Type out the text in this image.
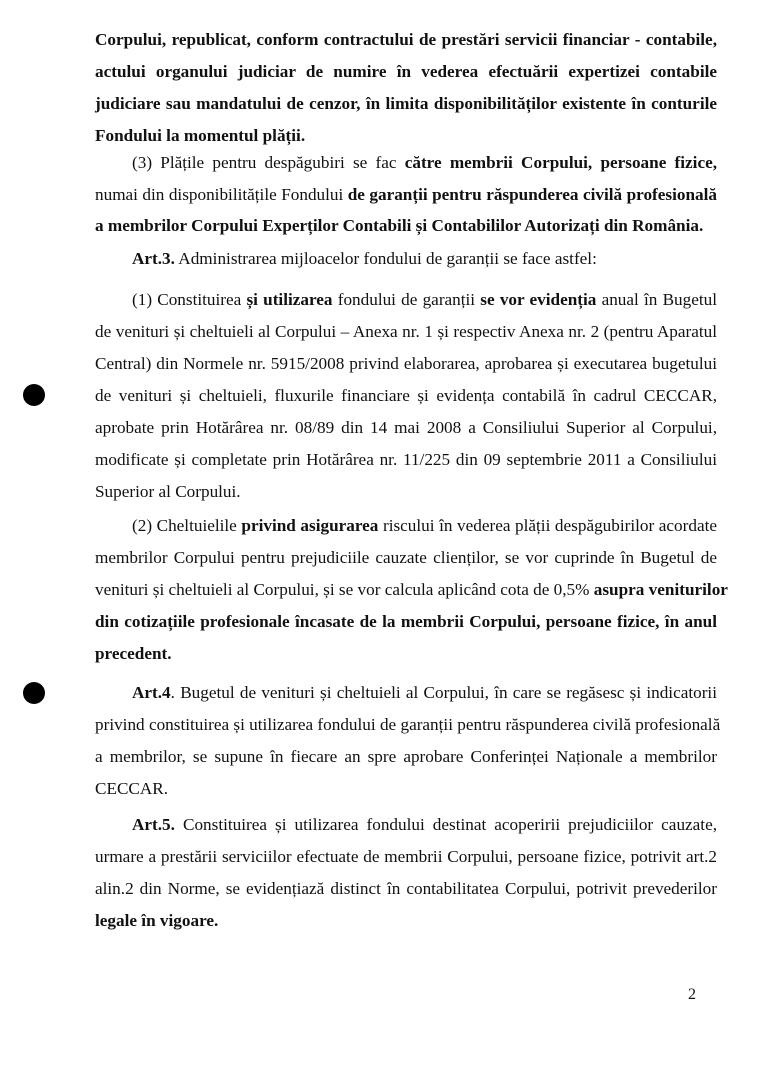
Corpului, republicat, conform contractului de prestări servicii financiar - contabile,
actului organului judiciar de numire în vederea efectuării expertizei contabile
judiciare sau mandatului de cenzor, în limita disponibilităților existente în conturile
Fondului la momentul plății.
(3) Plățile pentru despăgubiri se fac către membrii Corpului, persoane fizice,
numai din disponibilitățile Fondului de garanții pentru răspunderea civilă profesională
a membrilor Corpului Experților Contabili și Contabililor Autorizați din România.
Art.3. Administrarea mijloacelor fondului de garanții se face astfel:
(1) Constituirea și utilizarea fondului de garanții se vor evidenția anual în Bugetul
de venituri și cheltuieli al Corpului – Anexa nr. 1 și respectiv Anexa nr. 2 (pentru Aparatul
Central) din Normele nr. 5915/2008 privind elaborarea, aprobarea și executarea bugetului
de venituri și cheltuieli, fluxurile financiare și evidența contabilă în cadrul CECCAR,
aprobate prin Hotărârea nr. 08/89 din 14 mai 2008 a Consiliului Superior al Corpului,
modificate și completate prin Hotărârea nr. 11/225 din 09 septembrie 2011 a Consiliului
Superior al Corpului.
(2) Cheltuielile privind asigurarea riscului în vederea plății despăgubirilor acordate
membrilor Corpului pentru prejudiciile cauzate clienților, se vor cuprinde în Bugetul de
venituri și cheltuieli al Corpului, și se vor calcula aplicând cota de 0,5% asupra veniturilor
din cotizațiile profesionale încasate de la membrii Corpului, persoane fizice, în anul
precedent.
Art.4. Bugetul de venituri și cheltuieli al Corpului, în care se regăsesc și indicatorii
privind constituirea și utilizarea fondului de garanții pentru răspunderea civilă profesională
a membrilor, se supune în fiecare an spre aprobare Conferinței Naționale a membrilor
CECCAR.
Art.5. Constituirea și utilizarea fondului destinat acoperirii prejudiciilor cauzate,
urmare a prestării serviciilor efectuate de membrii Corpului, persoane fizice, potrivit art.2
alin.2 din Norme, se evidențiază distinct în contabilitatea Corpului, potrivit prevederilor
legale în vigoare.
2
